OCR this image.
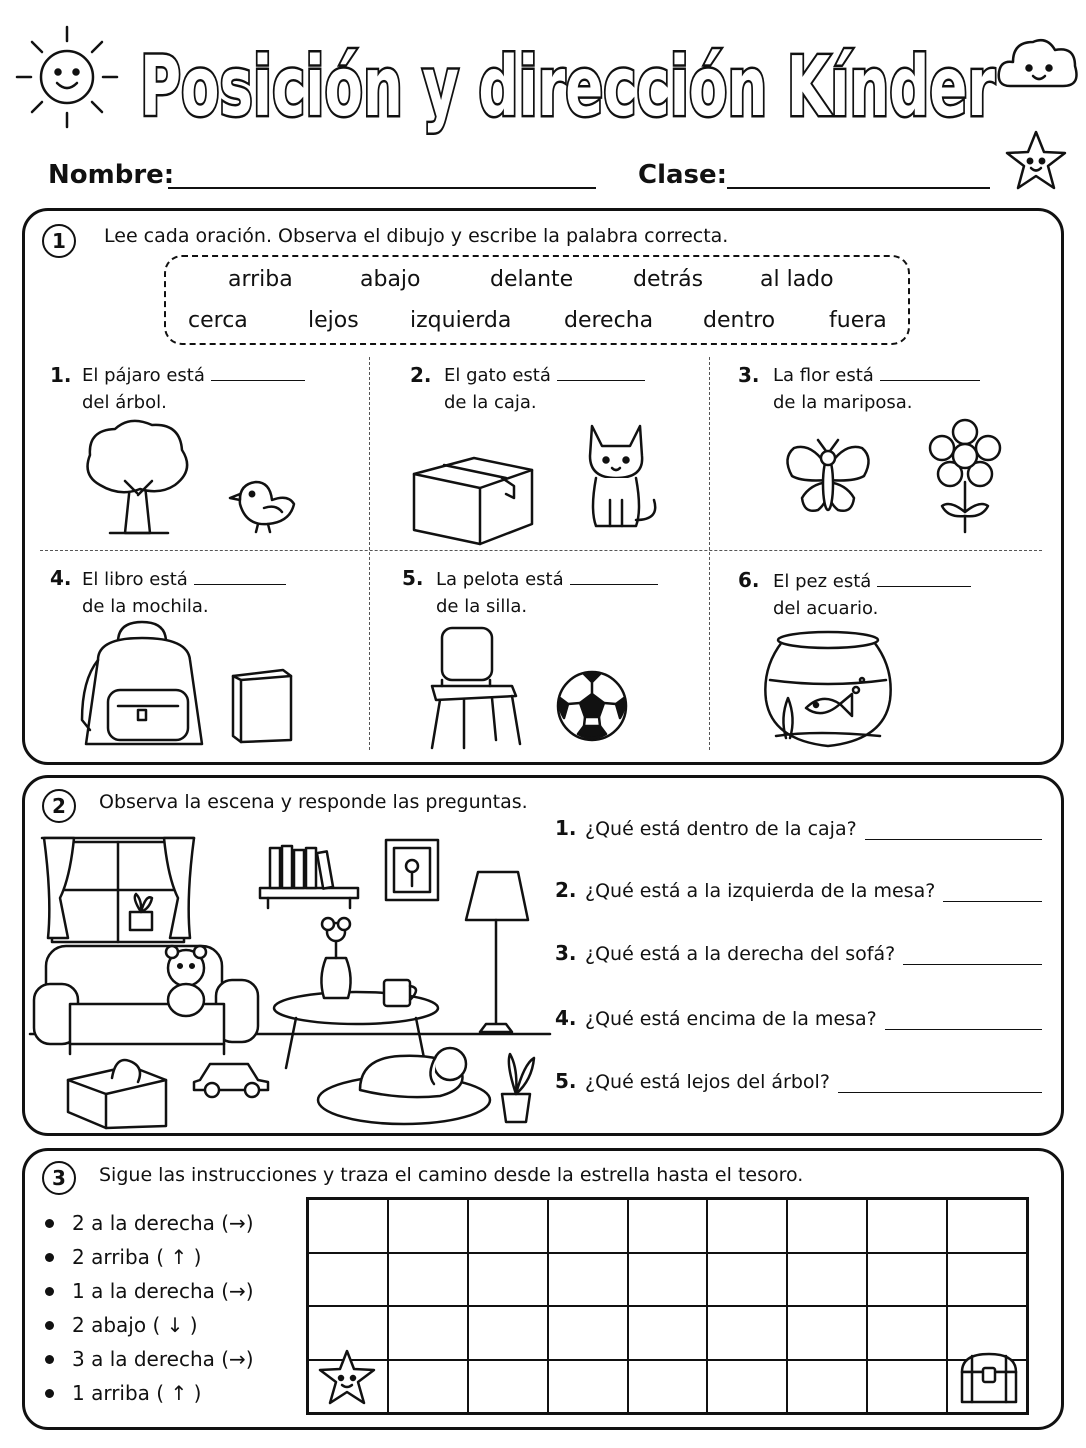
Posición y dirección Kínder
Nombre:	Clase:
1	Lee cada oración. Observa el dibujo y escribe la palabra correcta.
arriba	abajo	delante	detrás	al lado
cerca	lejos izquierda derecha dentro fuera
1. El pájaro está
del árbol.
2. El gato está
de la caja.
3. La flor está
de la mariposa.
4. El libro está
de la mochila.
5. La pelota está
de la silla.
6. El pez está
del acuario.
2	Observa la escena y responde las preguntas.
1. ¿Qué está dentro de la caja?
2. ¿Qué está a la izquierda de la mesa?
3. ¿Qué está a la derecha del sofá?
4. ¿Qué está encima de la mesa?
5. ¿Qué está lejos del árbol?
3	Sigue las instrucciones y traza el camino desde la estrella hasta el tesoro.
2 a la derecha (→)
2 arriba ( ↑ )
1 a la derecha (→)
2 abajo ( ↓ )
3 a la derecha (→)
1 arriba ( ↑ )
